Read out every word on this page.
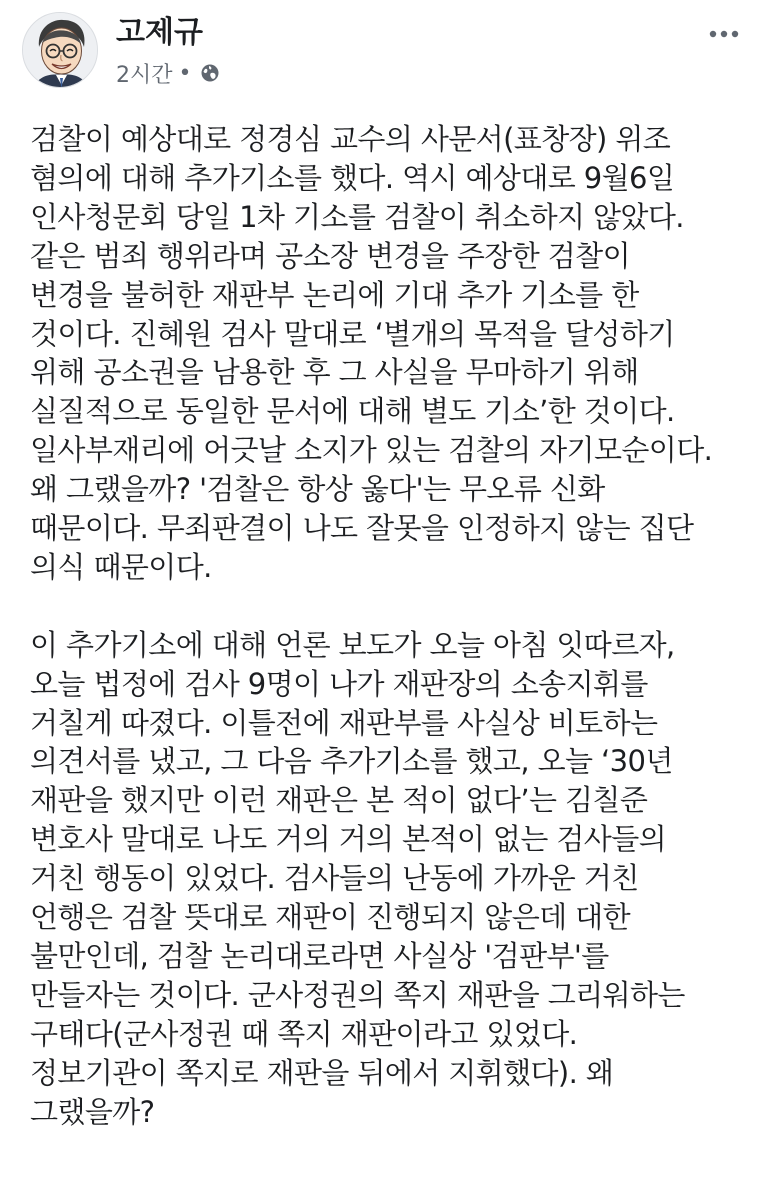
고제규
2시간 •
검찰이 예상대로 정경심 교수의 사문서(표창장) 위조
혐의에 대해 추가기소를 했다. 역시 예상대로 9월6일
인사청문회 당일 1차 기소를 검찰이 취소하지 않았다.
같은 범죄 행위라며 공소장 변경을 주장한 검찰이
변경을 불허한 재판부 논리에 기대 추가 기소를 한
것이다. 진혜원 검사 말대로 ‘별개의 목적을 달성하기
위해 공소권을 남용한 후 그 사실을 무마하기 위해
실질적으로 동일한 문서에 대해 별도 기소’한 것이다.
일사부재리에 어긋날 소지가 있는 검찰의 자기모순이다.
왜 그랬을까? '검찰은 항상 옳다'는 무오류 신화
때문이다. 무죄판결이 나도 잘못을 인정하지 않는 집단
의식 때문이다.
이 추가기소에 대해 언론 보도가 오늘 아침 잇따르자,
오늘 법정에 검사 9명이 나가 재판장의 소송지휘를
거칠게 따졌다. 이틀전에 재판부를 사실상 비토하는
의견서를 냈고, 그 다음 추가기소를 했고, 오늘 ‘30년
재판을 했지만 이런 재판은 본 적이 없다’는 김칠준
변호사 말대로 나도 거의 거의 본적이 없는 검사들의
거친 행동이 있었다. 검사들의 난동에 가까운 거친
언행은 검찰 뜻대로 재판이 진행되지 않은데 대한
불만인데, 검찰 논리대로라면 사실상 '검판부'를
만들자는 것이다. 군사정권의 쪽지 재판을 그리워하는
구태다(군사정권 때 쪽지 재판이라고 있었다.
정보기관이 쪽지로 재판을 뒤에서 지휘했다). 왜
그랬을까?
